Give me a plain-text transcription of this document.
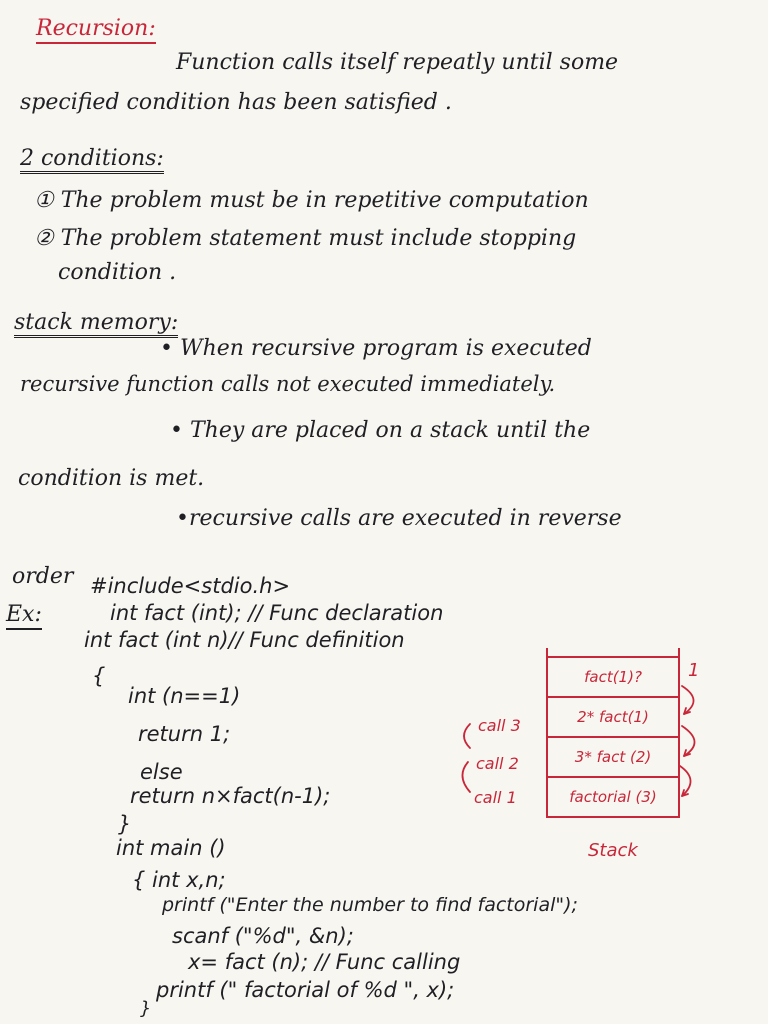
Recursion:
Function calls itself repeatly until some
specified condition has been satisfied .
2 conditions:
① The problem must be in repetitive computation
② The problem statement must include stopping
condition .
stack memory:
• When recursive program is executed
recursive function calls not executed immediately.
• They are placed on a stack until the
condition is met.
•recursive calls are executed in reverse
order
Ex:
#include<stdio.h>
int fact (int); // Func declaration
int fact (int n)// Func definition
{
int (n==1)
return 1;
else
return n×fact(n-1);
}
int main ()
{ int x,n;
printf ("Enter the number to find factorial");
scanf ("%d", &n);
x= fact (n); // Func calling
printf (" factorial of %d ", x);
}
fact(1)?
2* fact(1)
3* fact (2)
factorial (3)
1
call 3
call 2
call 1
Stack
